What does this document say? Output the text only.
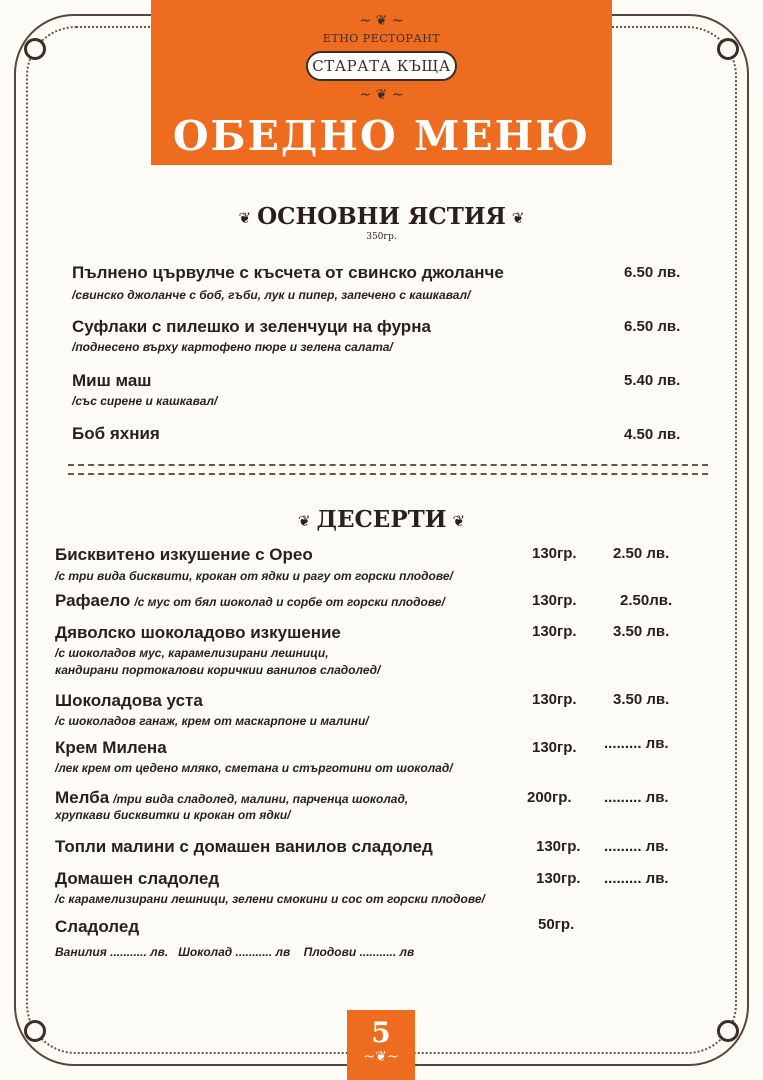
~ ❦ ~
ЕТНО РЕСТОРАНТ
СТАРАТА КЪЩА
~ ❦ ~
ОБЕДНО МЕНЮ
❦ ОСНОВНИ ЯСТИЯ ❦
350гр.
Пълнено цървулче с късчета от свинско джоланче	6.50 лв.
/свинско джоланче с боб, гъби, лук и пипер, запечено с кашкавал/
Суфлаки с пилешко и зеленчуци на фурна	6.50 лв.
/поднесено върху картофено пюре и зелена салата/
Миш маш	5.40 лв.
/със сирене и кашкавал/
Боб яхния	4.50 лв.
❦ ДЕСЕРТИ ❦
Бисквитено изкушение с Орео	130гр. 2.50 лв.
/с три вида бисквити, крокан от ядки и рагу от горски плодове/
Рафаело /с мус от бял шоколад и сорбе от горски плодове/	130гр.	2.50лв.
Дяволско шоколадово изкушение	130гр. 3.50 лв.
/с шоколадов мус, карамелизирани лешници,
кандирани портокалови коричкии ванилов сладолед/
Шоколадова уста	130гр. 3.50 лв.
/с шоколадов ганаж, крем от маскарпоне и малини/
Крем Милена	130гр. ......... лв.
/лек крем от цедено мляко, сметана и стърготини от шоколад/
Мелба /три вида сладолед, малини, парченца шоколад,	200гр. ......... лв.
хрупкави бисквитки и крокан от ядки/
Топли малини с домашен ванилов сладолед	130гр. ......... лв.
Домашен сладолед	130гр. ......... лв.
/с карамелизирани лешници, зелени смокини и сос от горски плодове/
Сладолед	50гр.
Ванилия ........... лв.   Шоколад ........... лв    Плодови ........... лв
5
~❦~
